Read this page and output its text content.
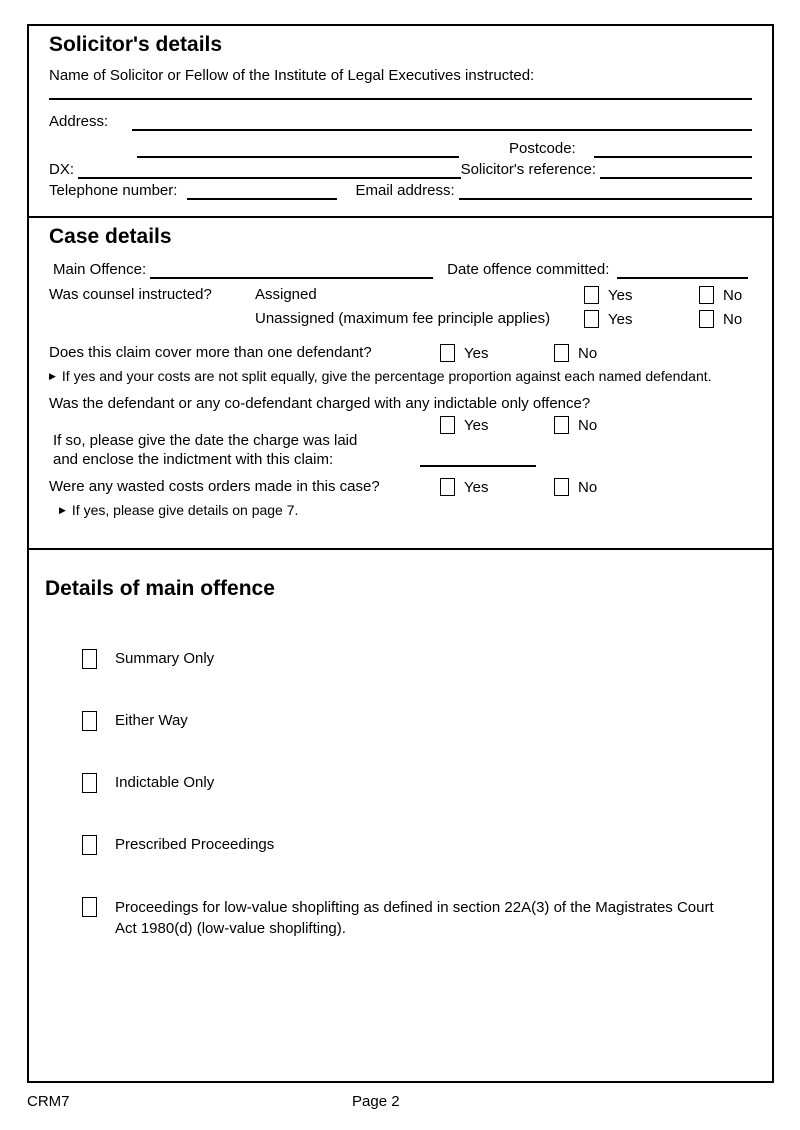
Solicitor's details
Name of Solicitor or Fellow of the Institute of Legal Executives instructed:
Address:
Postcode:
DX:	Solicitor's reference:
Telephone number:	Email address:
Case details
Main Offence:	Date offence committed:
Was counsel instructed?	Assigned	Yes	No
Unassigned (maximum fee principle applies)	Yes	No
Does this claim cover more than one defendant?	Yes	No
▶ If yes and your costs are not split equally, give the percentage proportion against each named defendant.
Was the defendant or any co-defendant charged with any indictable only offence?
Yes	No
If so, please give the date the charge was laid
and enclose the indictment with this claim:
Were any wasted costs orders made in this case?	Yes	No
▶ If yes, please give details on page 7.
Details of main offence
Summary Only
Either Way
Indictable Only
Prescribed Proceedings
Proceedings for low-value shoplifting as defined in section 22A(3) of the Magistrates Court Act 1980(d) (low-value shoplifting).
CRM7	Page 2
